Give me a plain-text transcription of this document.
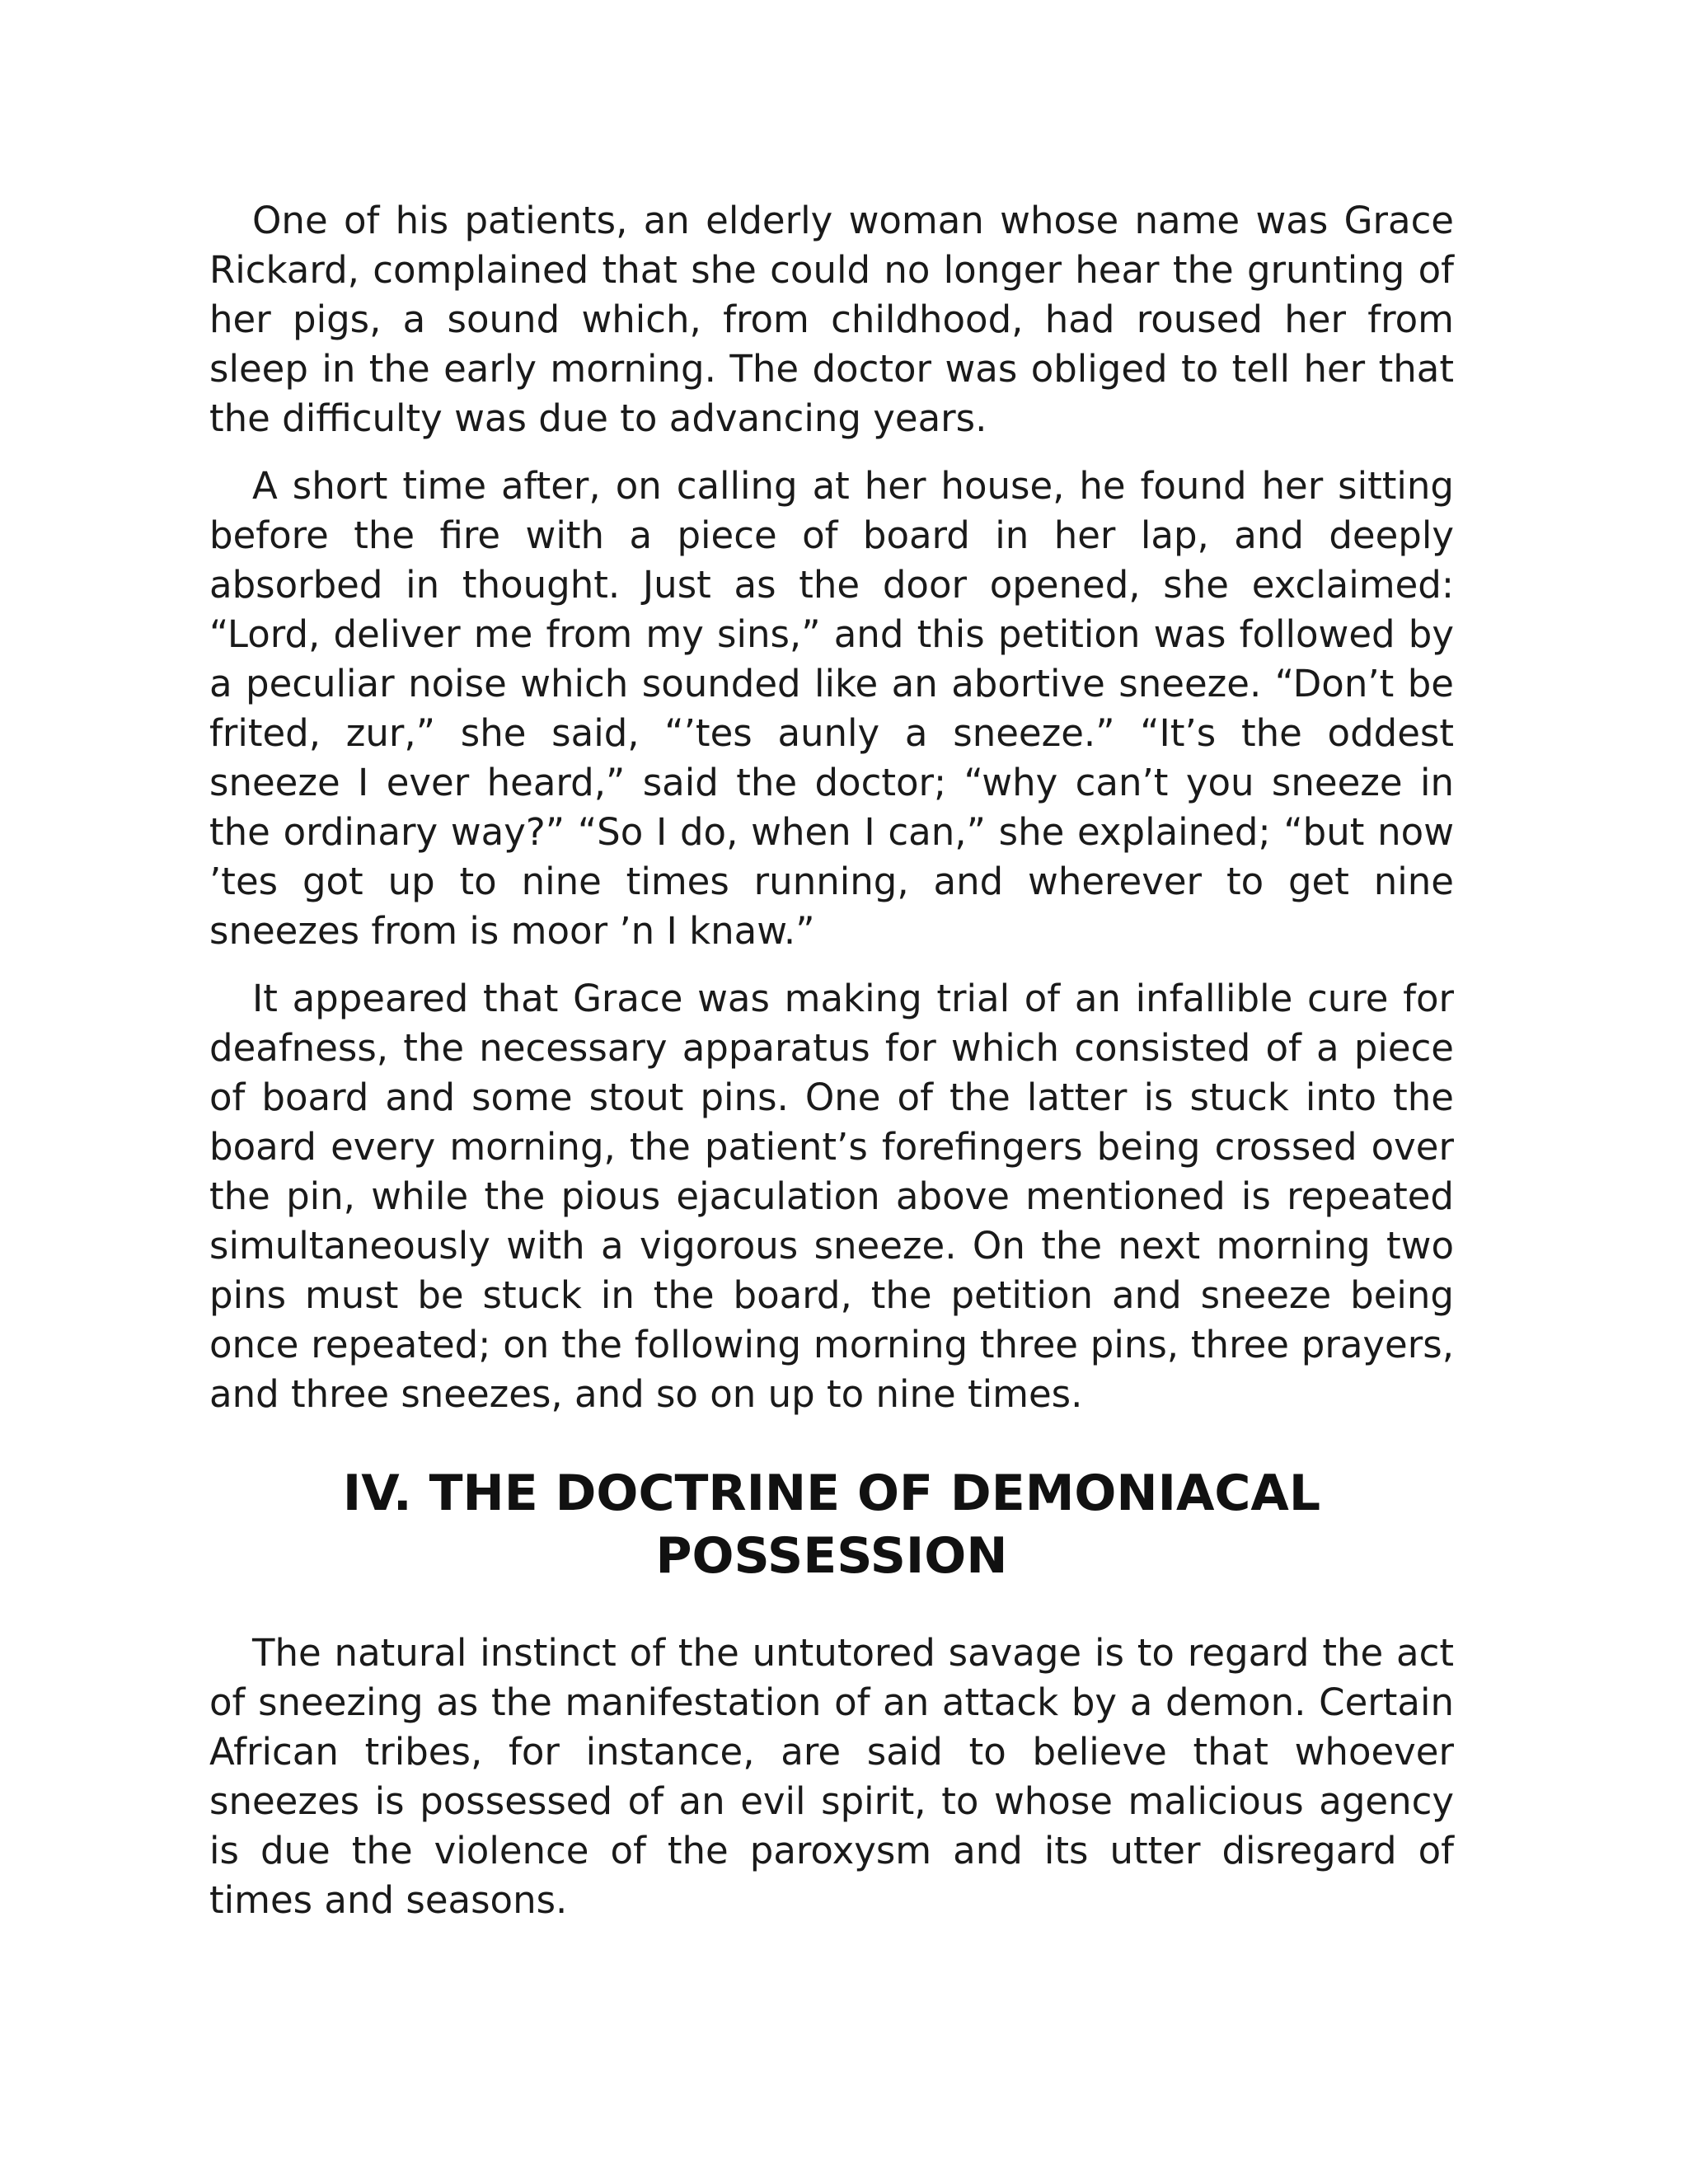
One of his patients, an elderly woman whose name was Grace Rickard, complained that she could no longer hear the grunting of her pigs, a sound which, from childhood, had roused her from sleep in the early morning. The doctor was obliged to tell her that the difficulty was due to advancing years.

A short time after, on calling at her house, he found her sitting before the fire with a piece of board in her lap, and deeply absorbed in thought. Just as the door opened, she exclaimed: “Lord, deliver me from my sins,” and this petition was followed by a peculiar noise which sounded like an abortive sneeze. “Don’t be frited, zur,” she said, “’tes aunly a sneeze.” “It’s the oddest sneeze I ever heard,” said the doctor; “why can’t you sneeze in the ordinary way?” “So I do, when I can,” she explained; “but now ’tes got up to nine times running, and wherever to get nine sneezes from is moor ’n I knaw.”

It appeared that Grace was making trial of an infallible cure for deafness, the necessary apparatus for which consisted of a piece of board and some stout pins. One of the latter is stuck into the board every morning, the patient’s forefingers being crossed over the pin, while the pious ejaculation above mentioned is repeated simultaneously with a vigorous sneeze. On the next morning two pins must be stuck in the board, the petition and sneeze being once repeated; on the following morning three pins, three prayers, and three sneezes, and so on up to nine times.

IV. THE DOCTRINE OF DEMONIACAL POSSESSION

The natural instinct of the untutored savage is to regard the act of sneezing as the manifestation of an attack by a demon. Certain African tribes, for instance, are said to believe that whoever sneezes is possessed of an evil spirit, to whose malicious agency is due the violence of the paroxysm and its utter disregard of times and seasons.
